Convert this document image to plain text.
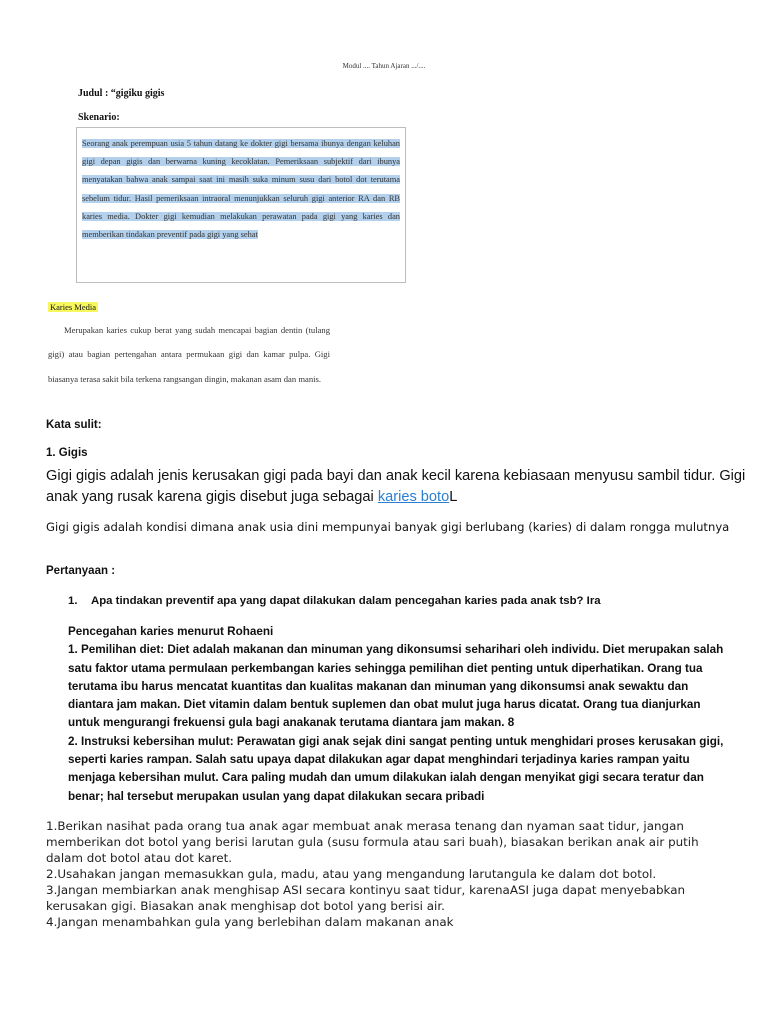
Modul .... Tahun Ajaran .../....
Judul : “gigiku gigis
Skenario:

Seorang anak perempuan usia 5 tahun datang ke dokter gigi bersama ibunya dengan keluhan gigi depan gigis dan berwarna kuning kecoklatan. Pemeriksaan subjektif dari ibunya menyatakan bahwa anak sampai saat ini masih suka minum susu dari botol dot terutama sebelum tidur. Hasil pemeriksaan intraoral menunjukkan seluruh gigi anterior RA dan RB karies media. Dokter gigi kemudian melakukan perawatan pada gigi yang karies dan memberikan tindakan preventif pada gigi yang sehat

Karies Media

Merupakan karies cukup berat yang sudah mencapai bagian dentin (tulang gigi) atau bagian pertengahan antara permukaan gigi dan kamar pulpa. Gigi biasanya terasa sakit bila terkena rangsangan dingin, makanan asam dan manis.

Kata sulit:
1. Gigis
Gigi gigis adalah jenis kerusakan gigi pada bayi dan anak kecil karena kebiasaan menyusu sambil tidur. Gigi anak yang rusak karena gigis disebut juga sebagai karies botoL
Gigi gigis adalah kondisi dimana anak usia dini mempunyai banyak gigi berlubang (karies) di dalam rongga mulutnya
Pertanyaan :
1. Apa tindakan preventif apa yang dapat dilakukan dalam pencegahan karies pada anak tsb? Ira

Pencegahan karies menurut Rohaeni

1. Pemilihan diet: Diet adalah makanan dan minuman yang dikonsumsi seharihari oleh individu. Diet merupakan salah satu faktor utama permulaan perkembangan karies sehingga pemilihan diet penting untuk diperhatikan. Orang tua terutama ibu harus mencatat kuantitas dan kualitas makanan dan minuman yang dikonsumsi anak sewaktu dan diantara jam makan. Diet vitamin dalam bentuk suplemen dan obat mulut juga harus dicatat. Orang tua dianjurkan untuk mengurangi frekuensi gula bagi anakanak terutama diantara jam makan. 8

2. Instruksi kebersihan mulut: Perawatan gigi anak sejak dini sangat penting untuk menghidari proses kerusakan gigi, seperti karies rampan. Salah satu upaya dapat dilakukan agar dapat menghindari terjadinya karies rampan yaitu menjaga kebersihan mulut. Cara paling mudah dan umum dilakukan ialah dengan menyikat gigi secara teratur dan benar; hal tersebut merupakan usulan yang dapat dilakukan secara pribadi

1.Berikan nasihat pada orang tua anak agar membuat anak merasa tenang dan nyaman saat tidur, jangan memberikan dot botol yang berisi larutan gula (susu formula atau sari buah), biasakan berikan anak air putih dalam dot botol atau dot karet.

2.Usahakan jangan memasukkan gula, madu, atau yang mengandung larutangula ke dalam dot botol.

3.Jangan membiarkan anak menghisap ASI secara kontinyu saat tidur, karenaASI juga dapat menyebabkan kerusakan gigi. Biasakan anak menghisap dot botol yang berisi air.

4.Jangan menambahkan gula yang berlebihan dalam makanan anak
